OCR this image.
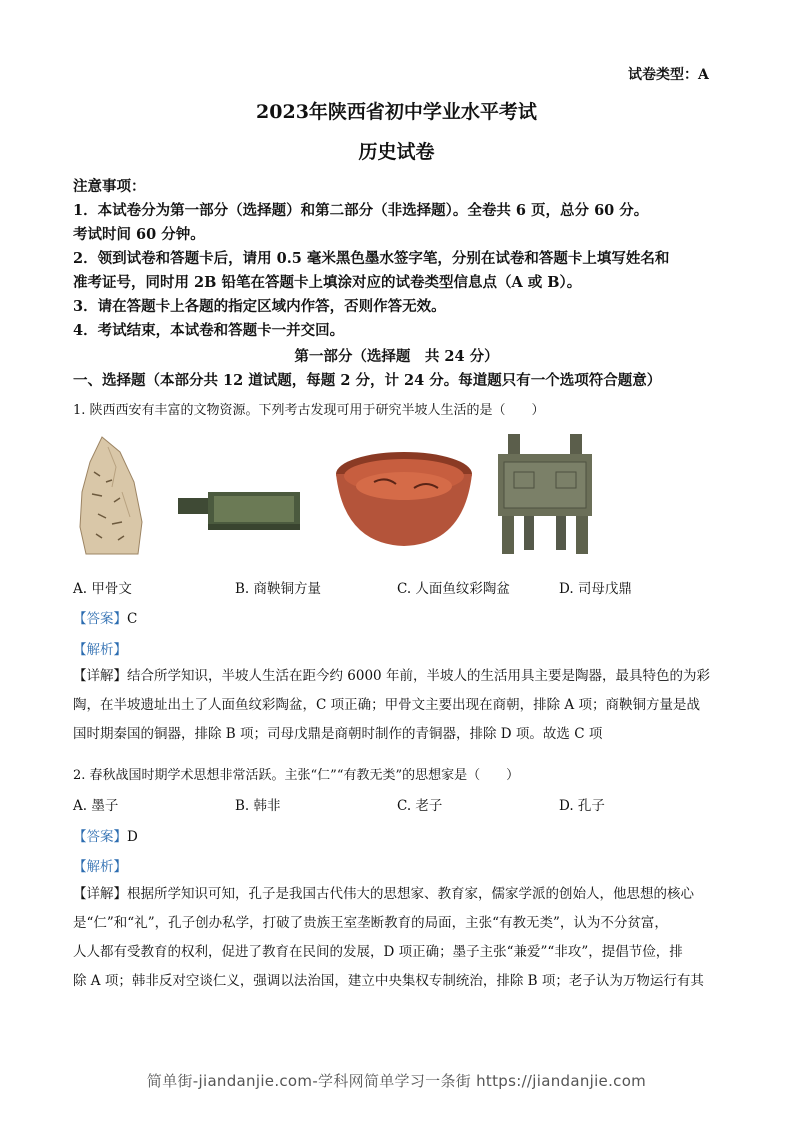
试卷类型：A
2023年陕西省初中学业水平考试
历史试卷
注意事项：
1．本试卷分为第一部分（选择题）和第二部分（非选择题）。全卷共 6 页，总分 60 分。
考试时间 60 分钟。
2．领到试卷和答题卡后，请用 0.5 毫米黑色墨水签字笔，分别在试卷和答题卡上填写姓名和
准考证号，同时用 2B 铅笔在答题卡上填涂对应的试卷类型信息点（A 或 B）。
3．请在答题卡上各题的指定区域内作答，否则作答无效。
4．考试结束，本试卷和答题卡一并交回。
第一部分（选择题　共 24 分）
一、选择题（本部分共 12 道试题，每题 2 分，计 24 分。每道题只有一个选项符合题意）
1. 陕西西安有丰富的文物资源。下列考古发现可用于研究半坡人生活的是（　　）
A. 甲骨文	B. 商鞅铜方量	C. 人面鱼纹彩陶盆	D. 司母戊鼎
【答案】C
【解析】
【详解】结合所学知识，半坡人生活在距今约 6000 年前，半坡人的生活用具主要是陶器，最具特色的为彩
陶，在半坡遗址出土了人面鱼纹彩陶盆，C 项正确；甲骨文主要出现在商朝，排除 A 项；商鞅铜方量是战
国时期秦国的铜器，排除 B 项；司母戊鼎是商朝时制作的青铜器，排除 D 项。故选 C 项
2. 春秋战国时期学术思想非常活跃。主张“仁”“有教无类”的思想家是（　　）
A. 墨子	B. 韩非	C. 老子	D. 孔子
【答案】D
【解析】
【详解】根据所学知识可知，孔子是我国古代伟大的思想家、教育家，儒家学派的创始人，他思想的核心
是“仁”和“礼”，孔子创办私学，打破了贵族王室垄断教育的局面，主张“有教无类”，认为不分贫富，
人人都有受教育的权利，促进了教育在民间的发展，D 项正确；墨子主张“兼爱”“非攻”，提倡节俭，排
除 A 项；韩非反对空谈仁义，强调以法治国，建立中央集权专制统治，排除 B 项；老子认为万物运行有其
简单街-jiandanjie.com-学科网简单学习一条街 https://jiandanjie.com
